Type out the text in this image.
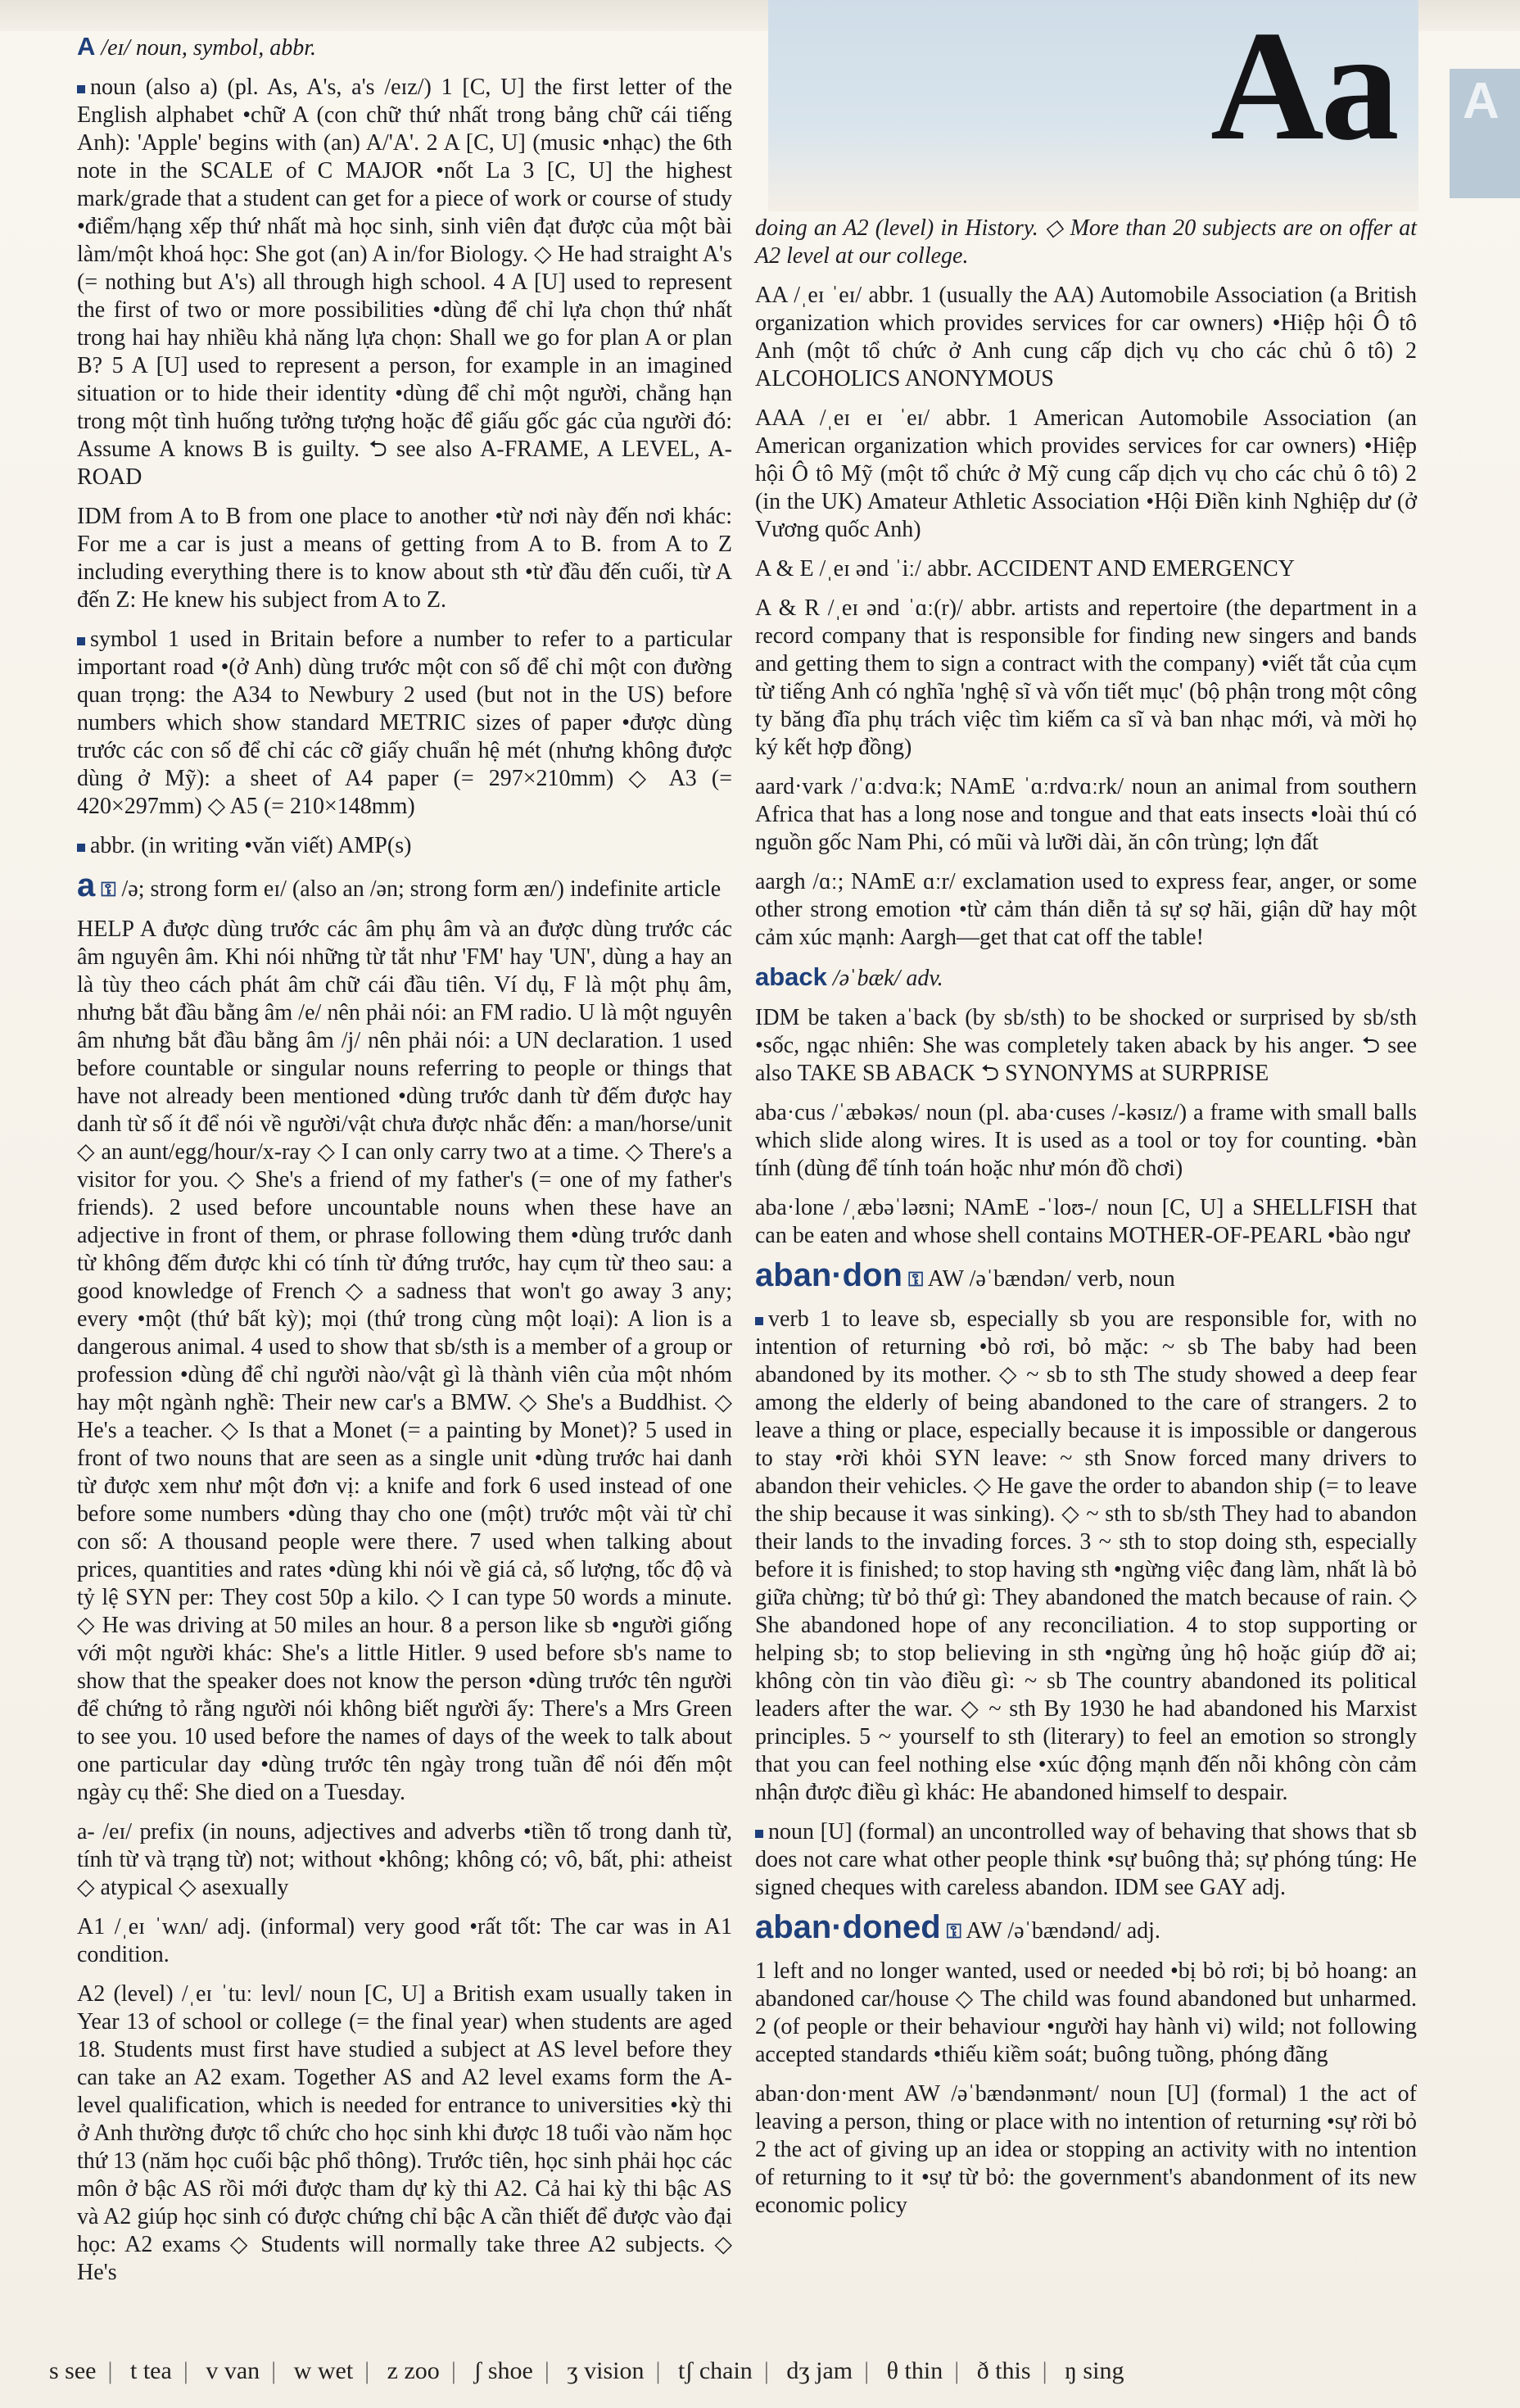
Aa A

A /eɪ/ noun, symbol, abbr.

noun (also a) (pl. As, A's, a's /eɪz/) 1 [C, U] the first letter of the English alphabet •chữ A (con chữ thứ nhất trong bảng chữ cái tiếng Anh): 'Apple' begins with (an) A/'A'. 2 A [C, U] (music •nhạc) the 6th note in the SCALE of C MAJOR •nốt La 3 [C, U] the highest mark/grade that a student can get for a piece of work or course of study •điểm/hạng xếp thứ nhất mà học sinh, sinh viên đạt được của một bài làm/một khoá học: She got (an) A in/for Biology. ◇ He had straight A's (= nothing but A's) all through high school. 4 A [U] used to represent the first of two or more possibilities •dùng để chỉ lựa chọn thứ nhất trong hai hay nhiều khả năng lựa chọn: Shall we go for plan A or plan B? 5 A [U] used to represent a person, for example in an imagined situation or to hide their identity •dùng để chỉ một người, chẳng hạn trong một tình huống tưởng tượng hoặc để giấu gốc gác của người đó: Assume A knows B is guilty. ⮌ see also A-FRAME, A LEVEL, A-ROAD

IDM from A to B from one place to another •từ nơi này đến nơi khác: For me a car is just a means of getting from A to B. from A to Z including everything there is to know about sth •từ đầu đến cuối, từ A đến Z: He knew his subject from A to Z.

symbol 1 used in Britain before a number to refer to a particular important road •(ở Anh) dùng trước một con số để chỉ một con đường quan trọng: the A34 to Newbury 2 used (but not in the US) before numbers which show standard METRIC sizes of paper •được dùng trước các con số để chỉ các cỡ giấy chuẩn hệ mét (nhưng không được dùng ở Mỹ): a sheet of A4 paper (= 297×210mm) ◇ A3 (= 420×297mm) ◇ A5 (= 210×148mm)

abbr. (in writing •văn viết) AMP(s)

a ⚿ /ə; strong form eɪ/ (also an /ən; strong form æn/) indefinite article

HELP A được dùng trước các âm phụ âm và an được dùng trước các âm nguyên âm. Khi nói những từ tắt như 'FM' hay 'UN', dùng a hay an là tùy theo cách phát âm chữ cái đầu tiên. Ví dụ, F là một phụ âm, nhưng bắt đầu bằng âm /e/ nên phải nói: an FM radio. U là một nguyên âm nhưng bắt đầu bằng âm /j/ nên phải nói: a UN declaration. 1 used before countable or singular nouns referring to people or things that have not already been mentioned •dùng trước danh từ đếm được hay danh từ số ít để nói về người/vật chưa được nhắc đến: a man/horse/unit ◇ an aunt/egg/hour/x-ray ◇ I can only carry two at a time. ◇ There's a visitor for you. ◇ She's a friend of my father's (= one of my father's friends). 2 used before uncountable nouns when these have an adjective in front of them, or phrase following them •dùng trước danh từ không đếm được khi có tính từ đứng trước, hay cụm từ theo sau: a good knowledge of French ◇ a sadness that won't go away 3 any; every •một (thứ bất kỳ); mọi (thứ trong cùng một loại): A lion is a dangerous animal. 4 used to show that sb/sth is a member of a group or profession •dùng để chỉ người nào/vật gì là thành viên của một nhóm hay một ngành nghề: Their new car's a BMW. ◇ She's a Buddhist. ◇ He's a teacher. ◇ Is that a Monet (= a painting by Monet)? 5 used in front of two nouns that are seen as a single unit •dùng trước hai danh từ được xem như một đơn vị: a knife and fork 6 used instead of one before some numbers •dùng thay cho one (một) trước một vài từ chỉ con số: A thousand people were there. 7 used when talking about prices, quantities and rates •dùng khi nói về giá cả, số lượng, tốc độ và tỷ lệ SYN per: They cost 50p a kilo. ◇ I can type 50 words a minute. ◇ He was driving at 50 miles an hour. 8 a person like sb •người giống với một người khác: She's a little Hitler. 9 used before sb's name to show that the speaker does not know the person •dùng trước tên người để chứng tỏ rằng người nói không biết người ấy: There's a Mrs Green to see you. 10 used before the names of days of the week to talk about one particular day •dùng trước tên ngày trong tuần để nói đến một ngày cụ thể: She died on a Tuesday.

a- /eɪ/ prefix (in nouns, adjectives and adverbs •tiền tố trong danh từ, tính từ và trạng từ) not; without •không; không có; vô, bất, phi: atheist ◇ atypical ◇ asexually

A1 /ˌeɪ ˈwʌn/ adj. (informal) very good •rất tốt: The car was in A1 condition.

A2 (level) /ˌeɪ ˈtuː levl/ noun [C, U] a British exam usually taken in Year 13 of school or college (= the final year) when students are aged 18. Students must first have studied a subject at AS level before they can take an A2 exam. Together AS and A2 level exams form the A-level qualification, which is needed for entrance to universities •kỳ thi ở Anh thường được tổ chức cho học sinh khi được 18 tuổi vào năm học thứ 13 (năm học cuối bậc phổ thông). Trước tiên, học sinh phải học các môn ở bậc AS rồi mới được tham dự kỳ thi A2. Cả hai kỳ thi bậc AS và A2 giúp học sinh có được chứng chỉ bậc A cần thiết để được vào đại học: A2 exams ◇ Students will normally take three A2 subjects. ◇ He's

doing an A2 (level) in History. ◇ More than 20 subjects are on offer at A2 level at our college.

AA /ˌeɪ ˈeɪ/ abbr. 1 (usually the AA) Automobile Association (a British organization which provides services for car owners) •Hiệp hội Ô tô Anh (một tổ chức ở Anh cung cấp dịch vụ cho các chủ ô tô) 2 ALCOHOLICS ANONYMOUS

AAA /ˌeɪ eɪ ˈeɪ/ abbr. 1 American Automobile Association (an American organization which provides services for car owners) •Hiệp hội Ô tô Mỹ (một tổ chức ở Mỹ cung cấp dịch vụ cho các chủ ô tô) 2 (in the UK) Amateur Athletic Association •Hội Điền kinh Nghiệp dư (ở Vương quốc Anh)

A & E /ˌeɪ ənd ˈiː/ abbr. ACCIDENT AND EMERGENCY

A & R /ˌeɪ ənd ˈɑː(r)/ abbr. artists and repertoire (the department in a record company that is responsible for finding new singers and bands and getting them to sign a contract with the company) •viết tắt của cụm từ tiếng Anh có nghĩa 'nghệ sĩ và vốn tiết mục' (bộ phận trong một công ty băng đĩa phụ trách việc tìm kiếm ca sĩ và ban nhạc mới, và mời họ ký kết hợp đồng)

aard·vark /ˈɑːdvɑːk; NAmE ˈɑːrdvɑːrk/ noun an animal from southern Africa that has a long nose and tongue and that eats insects •loài thú có nguồn gốc Nam Phi, có mũi và lưỡi dài, ăn côn trùng; lợn đất

aargh /ɑː; NAmE ɑːr/ exclamation used to express fear, anger, or some other strong emotion •từ cảm thán diễn tả sự sợ hãi, giận dữ hay một cảm xúc mạnh: Aargh—get that cat off the table!

aback /əˈbæk/ adv.

IDM be taken aˈback (by sb/sth) to be shocked or surprised by sb/sth •sốc, ngạc nhiên: She was completely taken aback by his anger. ⮌ see also TAKE SB ABACK ⮌ SYNONYMS at SURPRISE

aba·cus /ˈæbəkəs/ noun (pl. aba·cuses /-kəsɪz/) a frame with small balls which slide along wires. It is used as a tool or toy for counting. •bàn tính (dùng để tính toán hoặc như món đồ chơi)

aba·lone /ˌæbəˈləʊni; NAmE -ˈloʊ-/ noun [C, U] a SHELLFISH that can be eaten and whose shell contains MOTHER-OF-PEARL •bào ngư

aban·don ⚿ AW /əˈbændən/ verb, noun

verb 1 to leave sb, especially sb you are responsible for, with no intention of returning •bỏ rơi, bỏ mặc: ~ sb The baby had been abandoned by its mother. ◇ ~ sb to sth The study showed a deep fear among the elderly of being abandoned to the care of strangers. 2 to leave a thing or place, especially because it is impossible or dangerous to stay •rời khỏi SYN leave: ~ sth Snow forced many drivers to abandon their vehicles. ◇ He gave the order to abandon ship (= to leave the ship because it was sinking). ◇ ~ sth to sb/sth They had to abandon their lands to the invading forces. 3 ~ sth to stop doing sth, especially before it is finished; to stop having sth •ngừng việc đang làm, nhất là bỏ giữa chừng; từ bỏ thứ gì: They abandoned the match because of rain. ◇ She abandoned hope of any reconciliation. 4 to stop supporting or helping sb; to stop believing in sth •ngừng ủng hộ hoặc giúp đỡ ai; không còn tin vào điều gì: ~ sb The country abandoned its political leaders after the war. ◇ ~ sth By 1930 he had abandoned his Marxist principles. 5 ~ yourself to sth (literary) to feel an emotion so strongly that you can feel nothing else •xúc động mạnh đến nỗi không còn cảm nhận được điều gì khác: He abandoned himself to despair.

noun [U] (formal) an uncontrolled way of behaving that shows that sb does not care what other people think •sự buông thả; sự phóng túng: He signed cheques with careless abandon. IDM see GAY adj.

aban·doned ⚿ AW /əˈbændənd/ adj.

1 left and no longer wanted, used or needed •bị bỏ rơi; bị bỏ hoang: an abandoned car/house ◇ The child was found abandoned but unharmed. 2 (of people or their behaviour •người hay hành vi) wild; not following accepted standards •thiếu kiềm soát; buông tuồng, phóng đãng

aban·don·ment AW /əˈbændənmənt/ noun [U] (formal) 1 the act of leaving a person, thing or place with no intention of returning •sự rời bỏ 2 the act of giving up an idea or stopping an activity with no intention of returning to it •sự từ bỏ: the government's abandonment of its new economic policy

s see | t tea | v van | w wet | z zoo | ʃ shoe | ʒ vision | tʃ chain | dʒ jam | θ thin | ð this | ŋ sing
